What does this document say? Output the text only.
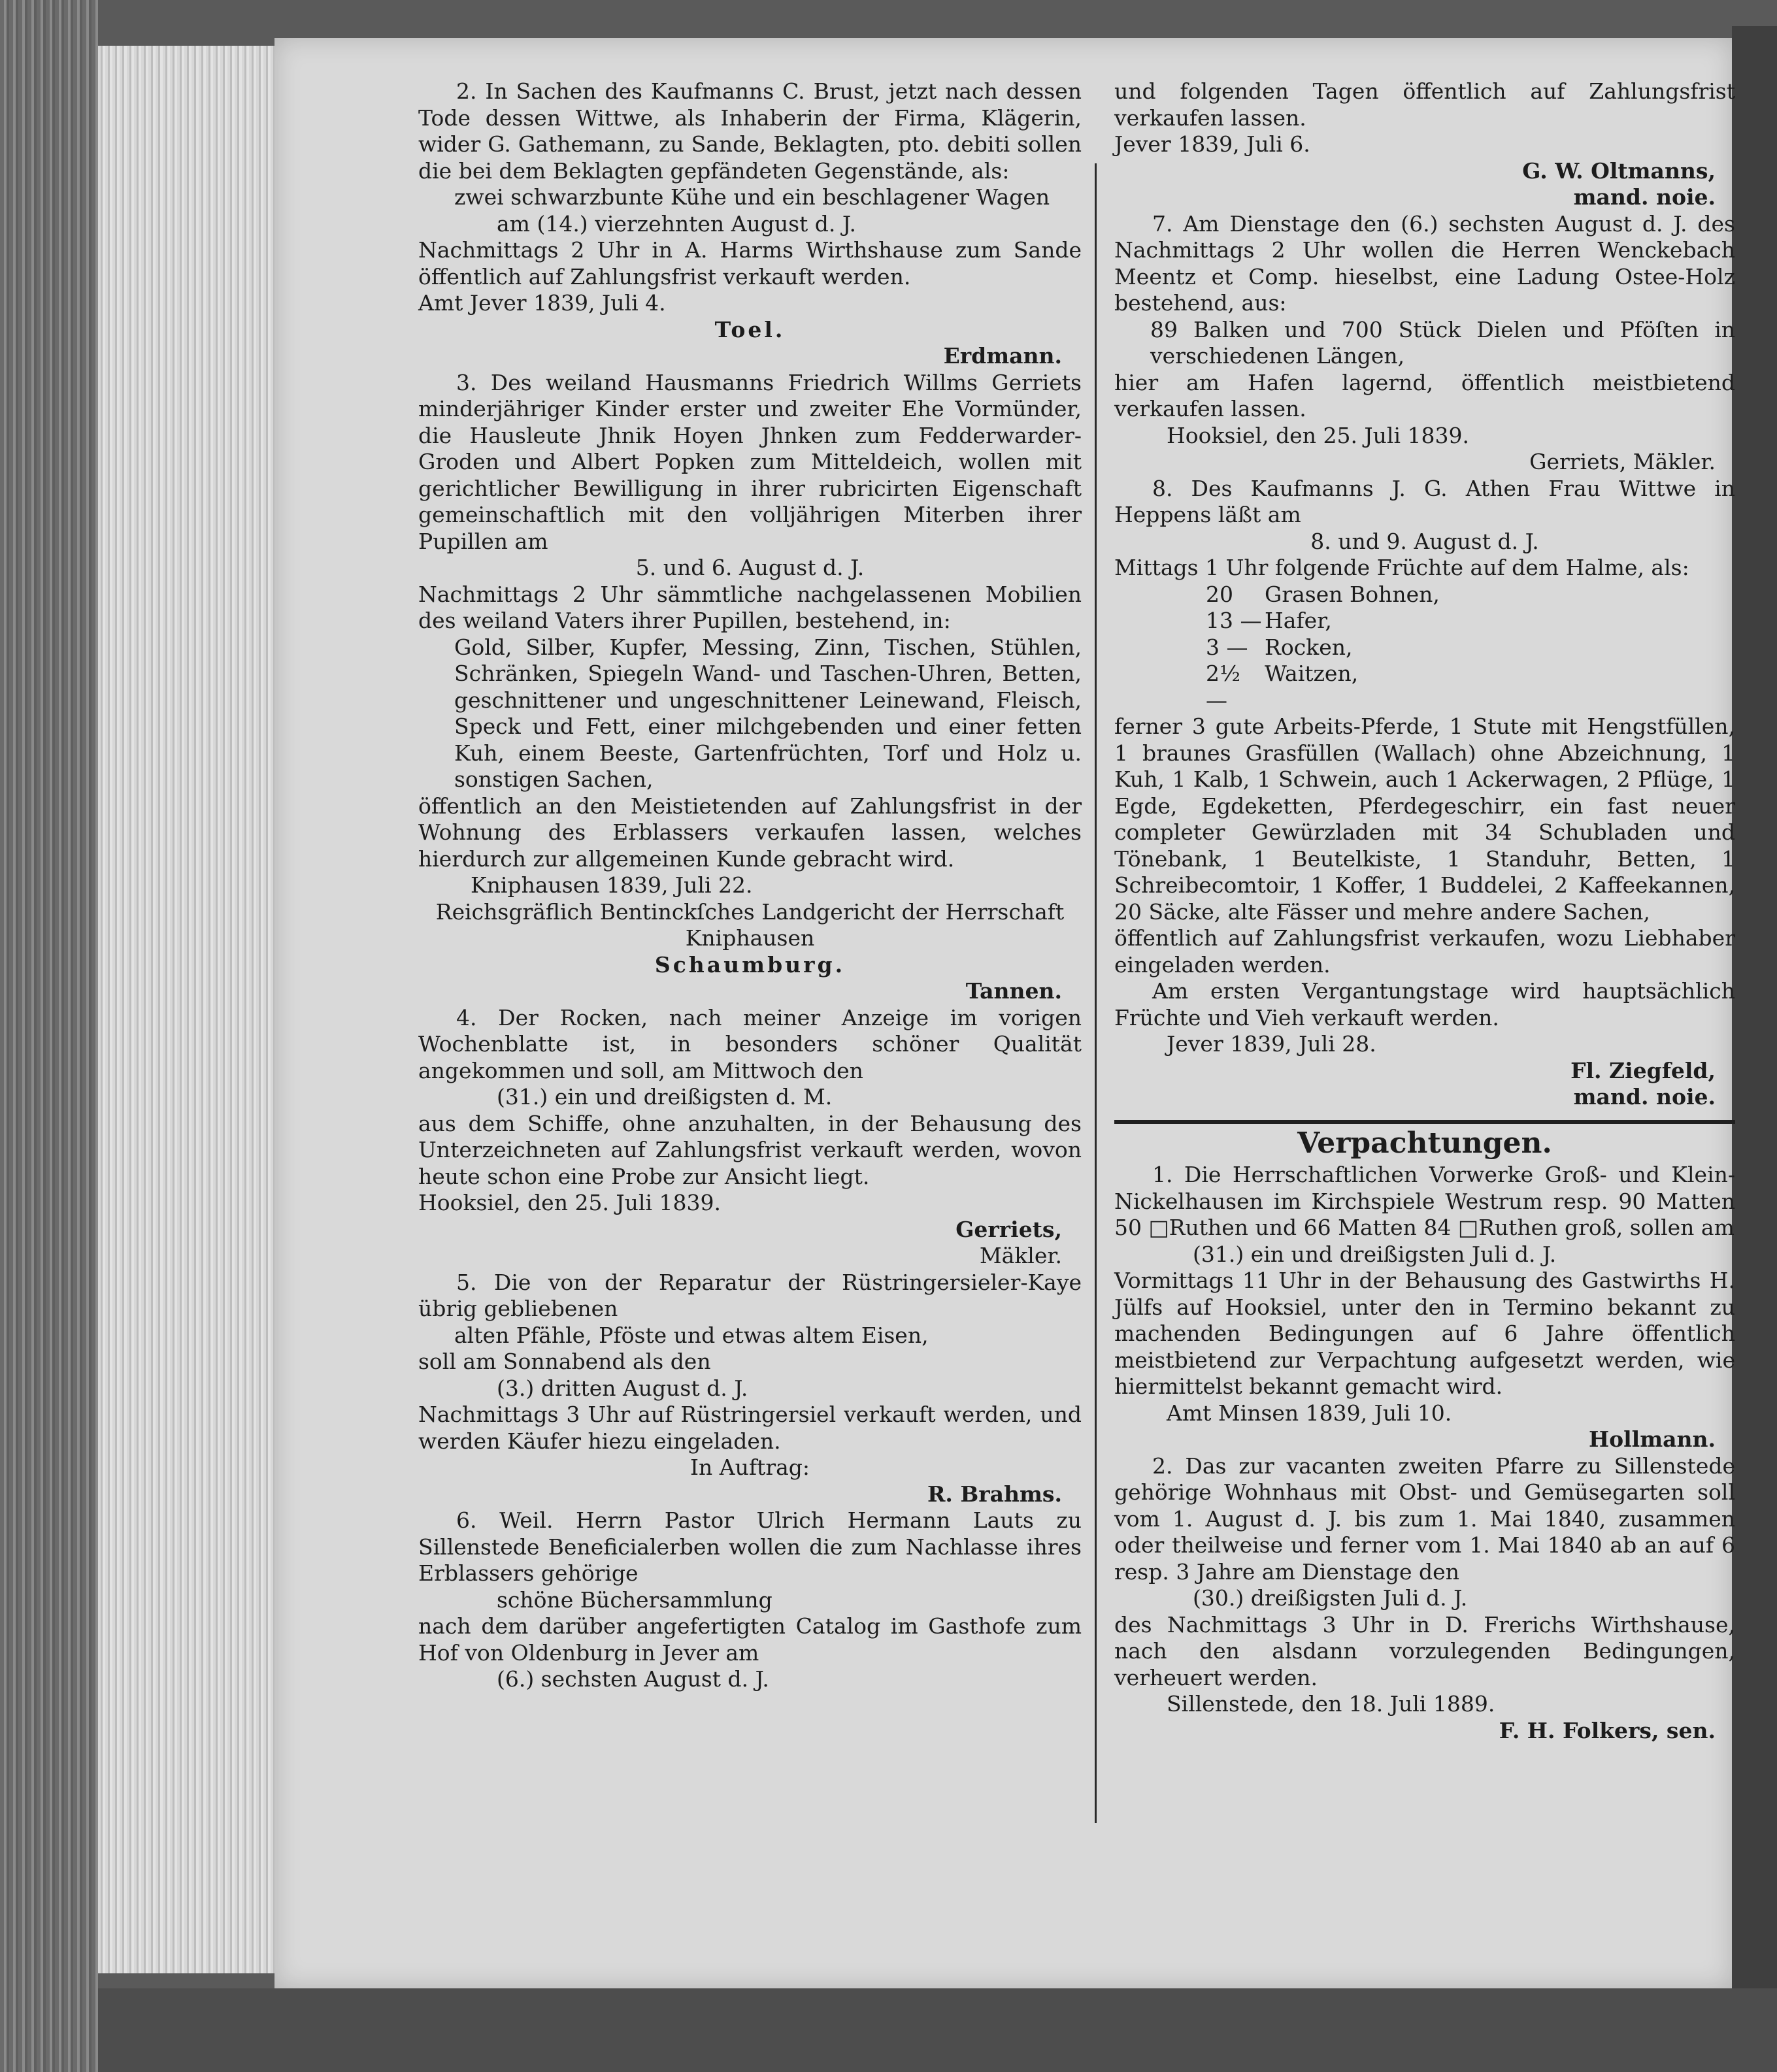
2. In Sachen des Kaufmanns C. Brust, jetzt nach dessen Tode dessen Wittwe, als Inhaberin der Firma, Klägerin, wider G. Gathemann, zu Sande, Beklagten, pto. debiti sollen die bei dem Beklagten gepfändeten Gegenstände, als:

zwei schwarzbunte Kühe und ein beschlagener Wagen

am (14.) vierzehnten August d. J.

Nachmittags 2 Uhr in A. Harms Wirthshause zum Sande öffentlich auf Zahlungsfrist verkauft werden.

Amt Jever 1839, Juli 4.

Toel.

Erdmann.

3. Des weiland Hausmanns Friedrich Willms Gerriets minderjähriger Kinder erster und zweiter Ehe Vormünder, die Hausleute Jhnik Hoyen Jhnken zum Fedderwarder-Groden und Albert Popken zum Mitteldeich, wollen mit gerichtlicher Bewilligung in ihrer rubricirten Eigenschaft gemeinschaftlich mit den volljährigen Miterben ihrer Pupillen am

5. und 6. August d. J.

Nachmittags 2 Uhr sämmtliche nachgelassenen Mobilien des weiland Vaters ihrer Pupillen, bestehend, in:

Gold, Silber, Kupfer, Messing, Zinn, Tischen, Stühlen, Schränken, Spiegeln Wand- und Taschen-Uhren, Betten, geschnittener und ungeschnittener Leinewand, Fleisch, Speck und Fett, einer milchgebenden und einer fetten Kuh, einem Beeste, Gartenfrüchten, Torf und Holz u. sonstigen Sachen,

öffentlich an den Meistietenden auf Zahlungsfrist in der Wohnung des Erblassers verkaufen lassen, welches hierdurch zur allgemeinen Kunde gebracht wird.

Kniphausen 1839, Juli 22.

Reichsgräflich Bentinckſches Landgericht der Herrschaft Kniphausen

Schaumburg.

Tannen.

4. Der Rocken, nach meiner Anzeige im vorigen Wochenblatte ist, in besonders schöner Qualität angekommen und soll, am Mittwoch den

(31.) ein und dreißigsten d. M.

aus dem Schiffe, ohne anzuhalten, in der Behausung des Unterzeichneten auf Zahlungsfrist verkauft werden, wovon heute schon eine Probe zur Ansicht liegt.

Hooksiel, den 25. Juli 1839.

Gerriets,

Mäkler.

5. Die von der Reparatur der Rüstringersieler-Kaye übrig gebliebenen

alten Pfähle, Pföste und etwas altem Eisen,

soll am Sonnabend als den

(3.) dritten August d. J.

Nachmittags 3 Uhr auf Rüstringersiel verkauft werden, und werden Käufer hiezu eingeladen.

In Auftrag:

R. Brahms.

6. Weil. Herrn Pastor Ulrich Hermann Lauts zu Sillenstede Beneficialerben wollen die zum Nachlasse ihres Erblassers gehörige

schöne Büchersammlung

nach dem darüber angefertigten Catalog im Gasthofe zum Hof von Oldenburg in Jever am

(6.) sechsten August d. J.

und folgenden Tagen öffentlich auf Zahlungsfrist verkaufen lassen.

Jever 1839, Juli 6.

G. W. Oltmanns,

mand. noie.

7. Am Dienstage den (6.) sechsten August d. J. des Nachmittags 2 Uhr wollen die Herren Wenckebach Meentz et Comp. hieselbst, eine Ladung Ostee-Holz bestehend, aus:

89 Balken und 700 Stück Dielen und Pföſten in verschiedenen Längen,

hier am Hafen lagernd, öffentlich meistbietend verkaufen lassen.

Hooksiel, den 25. Juli 1839.

Gerriets, Mäkler.

8. Des Kaufmanns J. G. Athen Frau Wittwe in Heppens läßt am

8. und 9. August d. J.

Mittags 1 Uhr folgende Früchte auf dem Halme, als:

20	Grasen Bohnen,
13 — Hafer,
3 — Rocken,
2½ —
Waitzen,

ferner 3 gute Arbeits-Pferde, 1 Stute mit Hengstfüllen, 1 braunes Grasfüllen (Wallach) ohne Abzeichnung, 1 Kuh, 1 Kalb, 1 Schwein, auch 1 Ackerwagen, 2 Pflüge, 1 Egde, Egdeketten, Pferdegeschirr, ein fast neuer completer Gewürzladen mit 34 Schubladen und Tönebank, 1 Beutelkiste, 1 Standuhr, Betten, 1 Schreibecomtoir, 1 Koffer, 1 Buddelei, 2 Kaffeekannen, 20 Säcke, alte Fässer und mehre andere Sachen,

öffentlich auf Zahlungsfrist verkaufen, wozu Liebhaber eingeladen werden.

Am ersten Vergantungstage wird hauptsächlich Früchte und Vieh verkauft werden.

Jever 1839, Juli 28.

Fl. Ziegfeld,

mand. noie.

Verpachtungen.

1. Die Herrschaftlichen Vorwerke Groß- und Klein-Nickelhausen im Kirchspiele Westrum resp. 90 Matten 50 □Ruthen und 66 Matten 84 □Ruthen groß, sollen am

(31.) ein und dreißigsten Juli d. J.

Vormittags 11 Uhr in der Behausung des Gastwirths H. Jülfs auf Hooksiel, unter den in Termino bekannt zu machenden Bedingungen auf 6 Jahre öffentlich meistbietend zur Verpachtung aufgesetzt werden, wie hiermittelst bekannt gemacht wird.

Amt Minsen 1839, Juli 10.

Hollmann.

2. Das zur vacanten zweiten Pfarre zu Sillenstede gehörige Wohnhaus mit Obst- und Gemüsegarten soll vom 1. August d. J. bis zum 1. Mai 1840, zusammen oder theilweise und ferner vom 1. Mai 1840 ab an auf 6 resp. 3 Jahre am Dienstage den

(30.) dreißigsten Juli d. J.

des Nachmittags 3 Uhr in D. Frerichs Wirthshause, nach den alsdann vorzulegenden Bedingungen, verheuert werden.

Sillenstede, den 18. Juli 1889.

F. H. Folkers, sen.
